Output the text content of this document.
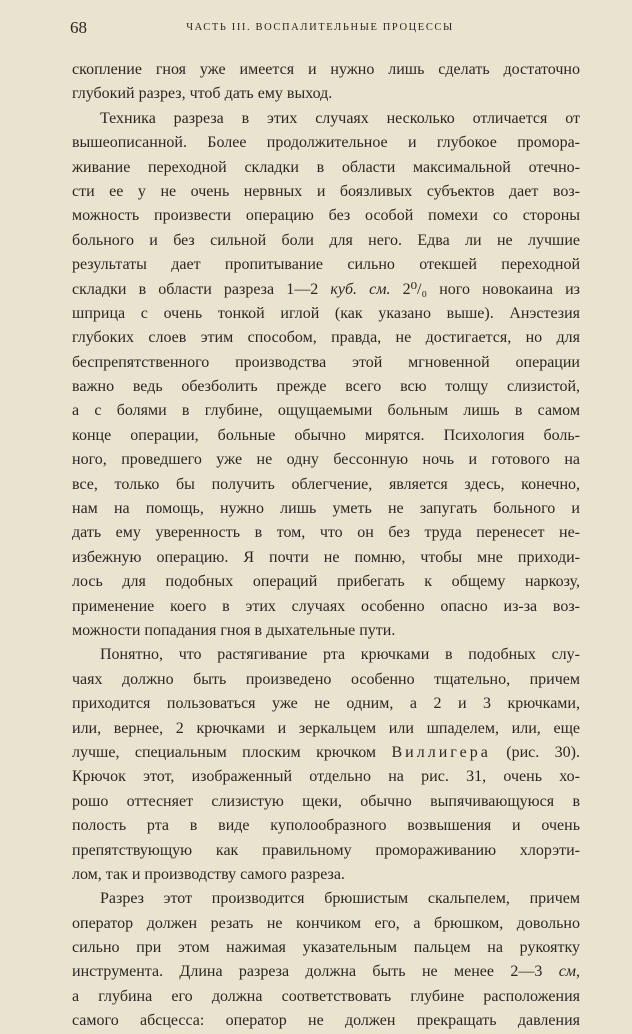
68	ЧАСТЬ III. ВОСПАЛИТЕЛЬНЫЕ ПРОЦЕССЫ
скопление гноя уже имеется и нужно лишь сделать достаточно
глубокий разрез, чтоб дать ему выход.
Техника разреза в этих случаях несколько отличается от
вышеописанной. Более продолжительное и глубокое проморa-
живание переходной складки в области максимальной отечно-
сти ее у не очень нервных и боязливых субъектов дает воз-
можность произвести операцию без особой помехи со стороны
больного и без сильной боли для него. Едва ли не лучшие
результаты дает пропитывание сильно отекшей переходной
складки в области разреза 1—2 куб. см. 2⁰/₀ ного новокаина из
шприца с очень тонкой иглой (как указано выше). Анэстезия
глубоких слоев этим способом, правда, не достигается, но для
беспрепятственного производства этой мгновенной операции
важно ведь обезболить прежде всего всю толщу слизистой,
а с болями в глубине, ощущаемыми больным лишь в самом
конце операции, больные обычно мирятся. Психология боль-
ного, проведшего уже не одну бессонную ночь и готового на
все, только бы получить облегчение, является здесь, конечно,
нам на помощь, нужно лишь уметь не запугать больного и
дать ему уверенность в том, что он без труда перенесет не-
избежную операцию. Я почти не помню, чтобы мне приходи-
лось для подобных операций прибегать к общему наркозу,
применение коего в этих случаях особенно опасно из-за воз-
можности попадания гноя в дыхательные пути.
Понятно, что растягивание рта крючками в подобных слу-
чаях должно быть произведено особенно тщательно, причем
приходится пользоваться уже не одним, а 2 и 3 крючками,
или, вернее, 2 крючками и зеркальцем или шпаделем, или, еще
лучше, специальным плоским крючком Виллигера (рис. 30).
Крючок этот, изображенный отдельно на рис. 31, очень хо-
рошо оттесняет слизистую щеки, обычно выпячивающуюся в
полость рта в виде куполообразного возвышения и очень
препятствующую как правильному промораживанию хлорэти-
лом, так и производству самого разреза.
Разрез этот производится брюшистым скальпелем, причем
оператор должен резать не кончиком его, а брюшком, довольно
сильно при этом нажимая указательным пальцем на рукоятку
инструмента. Длина разреза должна быть не менее 2—3 см,
а глубина его должна соответствовать глубине расположения
самого абсцесса: оператор не должен прекращать давления
